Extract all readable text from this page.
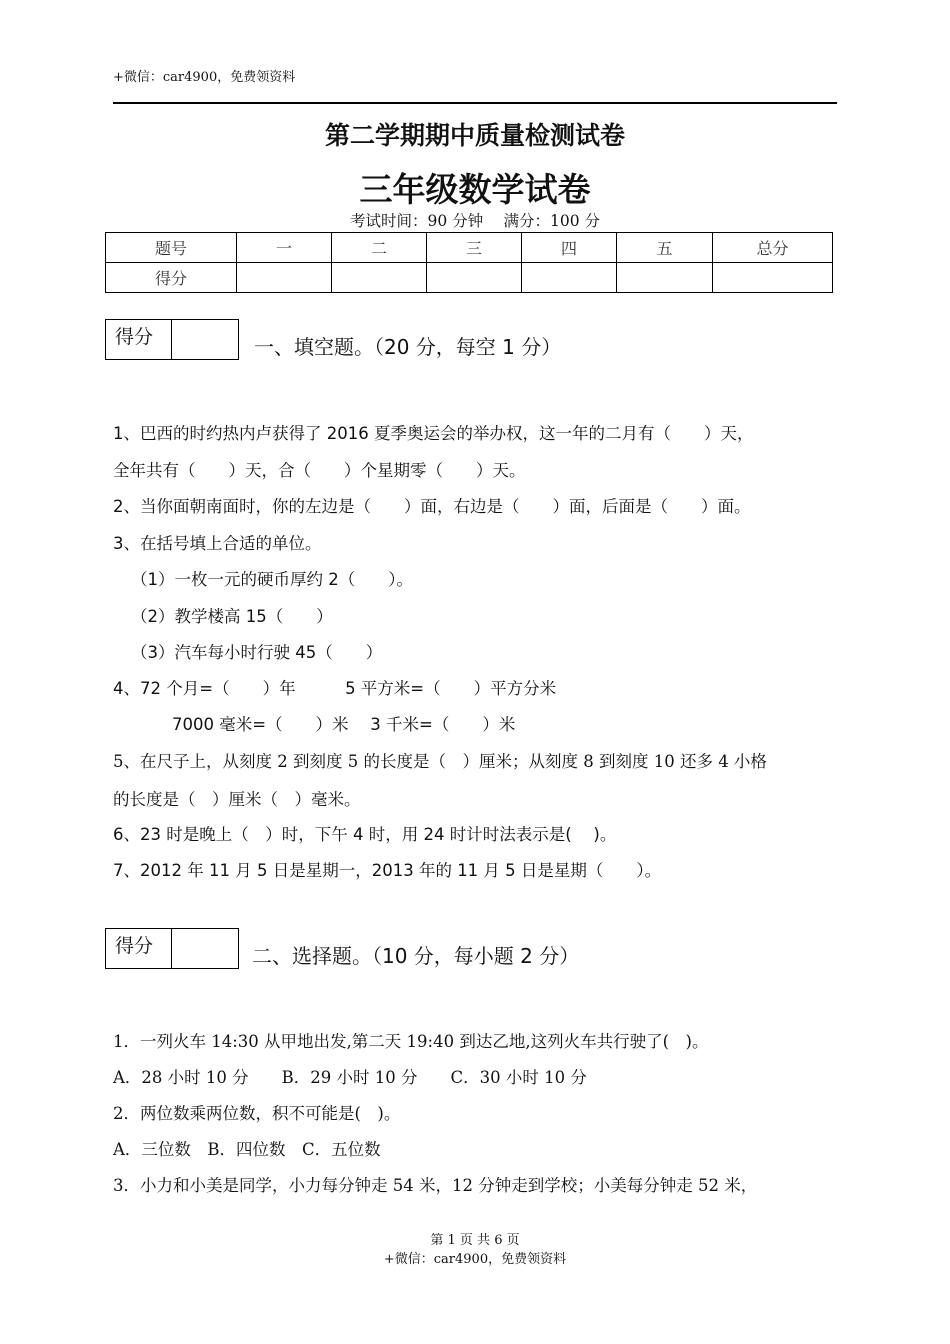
+微信：car4900，免费领资料
第二学期期中质量检测试卷
三年级数学试卷
考试时间：90 分钟　 满分：100 分
题号	一	二	三	四	五	总分
得分						
得分	一、填空题。（20 分，每空 1 分）
1、巴西的时约热内卢获得了 2016 夏季奥运会的举办权，这一年的二月有（　　）天，
全年共有（　　）天，合（　　）个星期零（　　）天。
2、当你面朝南面时，你的左边是（　　）面，右边是（　　）面，后面是（　　）面。
3、在括号填上合适的单位。
（1）一枚一元的硬币厚约 2（　　）。
（2）教学楼高 15（　　）
（3）汽车每小时行驶 45（　　）
4、72 个月=（　　）年　　　5 平方米=（　　）平方分米
7000 毫米=（　　）米　 3 千米=（　　）米
5、在尺子上，从刻度 2 到刻度 5 的长度是（　）厘米；从刻度 8 到刻度 10 还多 4 小格
的长度是（　）厘米（　）毫米。
6、23 时是晚上（　）时，下午 4 时，用 24 时计时法表示是(　 )。
7、2012 年 11 月 5 日是星期一，2013 年的 11 月 5 日是星期（　　）。
得分	二、选择题。（10 分，每小题 2 分）
1．一列火车 14:30 从甲地出发,第二天 19:40 到达乙地,这列火车共行驶了(　)。
A．28 小时 10 分　　B．29 小时 10 分　　C．30 小时 10 分
2．两位数乘两位数，积不可能是(　)。
A．三位数　B．四位数　C．五位数
3．小力和小美是同学，小力每分钟走 54 米，12 分钟走到学校；小美每分钟走 52 米，
第 1 页 共 6 页
+微信：car4900，免费领资料
